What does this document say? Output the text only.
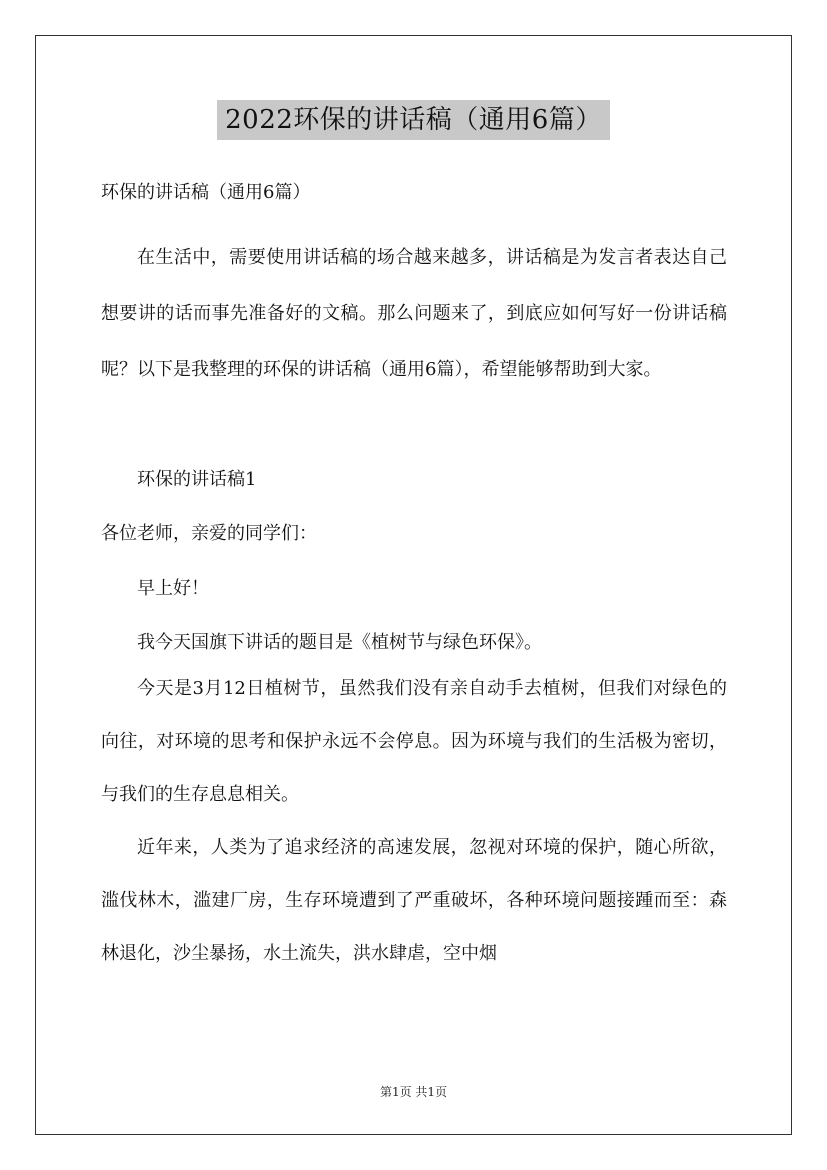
2022环保的讲话稿（通用6篇）

环保的讲话稿（通用6篇）

在生活中，需要使用讲话稿的场合越来越多，讲话稿是为发言者表达自己想要讲的话而事先准备好的文稿。那么问题来了，到底应如何写好一份讲话稿呢？以下是我整理的环保的讲话稿（通用6篇），希望能够帮助到大家。

环保的讲话稿1

各位老师，亲爱的同学们：

早上好！

我今天国旗下讲话的题目是《植树节与绿色环保》。

今天是3月12日植树节，虽然我们没有亲自动手去植树，但我们对绿色的向往，对环境的思考和保护永远不会停息。因为环境与我们的生活极为密切，与我们的生存息息相关。

近年来，人类为了追求经济的高速发展，忽视对环境的保护，随心所欲，滥伐林木，滥建厂房，生存环境遭到了严重破坏，各种环境问题接踵而至：森林退化，沙尘暴扬，水土流失，洪水肆虐，空中烟

第1页 共1页
